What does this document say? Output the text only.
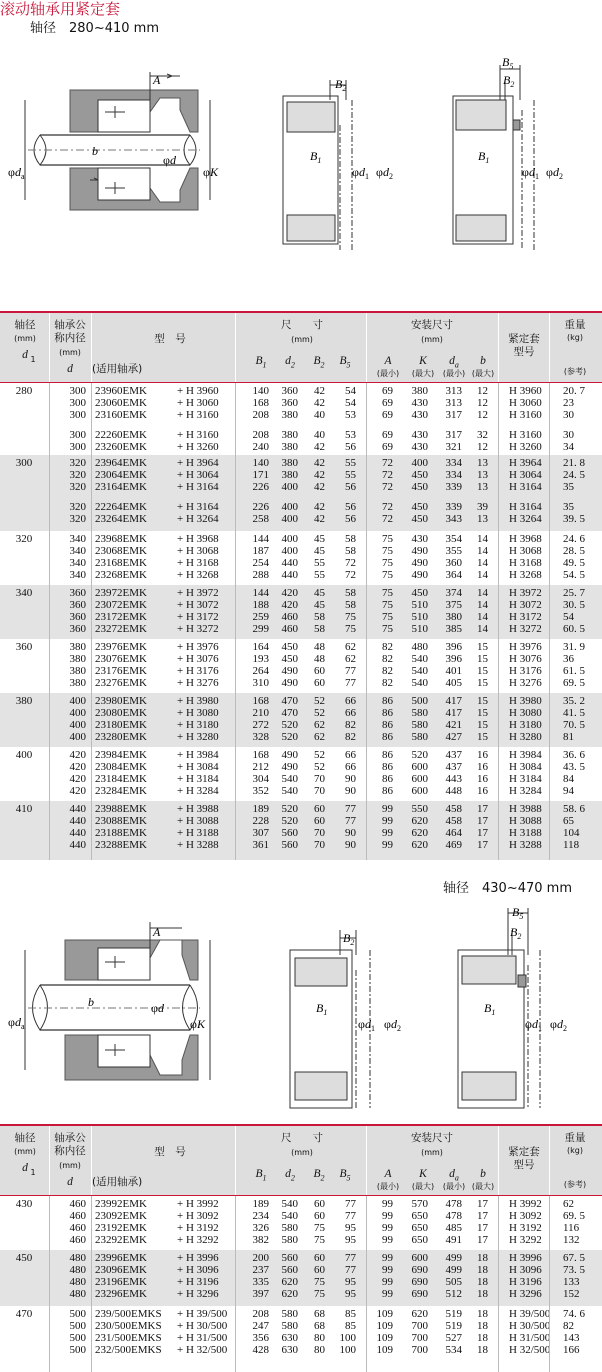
滚动轴承用紧定套
轴径　280~410 mm
轴径　430~470 mm
A
φd
φK
b
$\varphi d_a$
$B_2$
$B_1$
$\varphi d_1$ $\varphi d_2$
$B_5$
$B_2$
$B_1$
$\varphi d_1$ $\varphi d_2$
A
φd
φK
b
$\varphi d_a$
$B_2$
$B_1$
$\varphi d_1$ $\varphi d_2$
$B_5$
$B_2$
$B_1$
$\varphi d_1$ $\varphi d_2$
轴径
(mm)
d
轴承公
称内径
(mm)
d
型　号
(适用轴承)
尺　　寸
(mm)
安装尺寸
(mm)	紧定套
型号
重量
(kg)
(参考)
$B_1$	$d_2$	$B_2$	$B_5$	A
(最小)
K
(最大)
$d_a$
(最小)
b
(最大)
1
280	300 23960EMK	+ H 3960	140	360	42	54	69	380	313	12 H 3960	20. 7
300 23060EMK	+ H 3060	168	360	42	54	69	430	313	12 H 3060	23
300 23160EMK	+ H 3160	208	380	40	53	69	430	317	12 H 3160	30
300 22260EMK	+ H 3160	208	380	40	53	69	430	317	32 H 3160	30
300 23260EMK	+ H 3260	240	380	42	56	69	430	321	12 H 3260	34
300	320 23964EMK	+ H 3964	140	380	42	55	72	400	334	13 H 3964	21. 8
320 23064EMK	+ H 3064	171	380	42	55	72	450	334	13 H 3064	24. 5
320 23164EMK	+ H 3164	226	400	42	56	72	450	339	13 H 3164	35
320 22264EMK	+ H 3164	226	400	42	56	72	450	339	39 H 3164	35
320 23264EMK	+ H 3264	258	400	42	56	72	450	343	13 H 3264	39. 5
320	340 23968EMK	+ H 3968	144	400	45	58	75	430	354	14 H 3968	24. 6
340 23068EMK	+ H 3068	187	400	45	58	75	490	355	14 H 3068	28. 5
340 23168EMK	+ H 3168	254	440	55	72	75	490	360	14 H 3168	49. 5
340 23268EMK	+ H 3268	288	440	55	72	75	490	364	14 H 3268	54. 5
340	360 23972EMK	+ H 3972	144	420	45	58	75	450	374	14 H 3972	25. 7
360 23072EMK	+ H 3072	188	420	45	58	75	510	375	14 H 3072	30. 5
360 23172EMK	+ H 3172	259	460	58	75	75	510	380	14 H 3172	54
360 23272EMK	+ H 3272	299	460	58	75	75	510	385	14 H 3272	60. 5
360	380 23976EMK	+ H 3976	164	450	48	62	82	480	396	15 H 3976	31. 9
380 23076EMK	+ H 3076	193	450	48	62	82	540	396	15 H 3076	36
380 23176EMK	+ H 3176	264	490	60	77	82	540	401	15 H 3176	61. 5
380 23276EMK	+ H 3276	310	490	60	77	82	540	405	15 H 3276	69. 5
380	400 23980EMK	+ H 3980	168	470	52	66	86	500	417	15 H 3980	35. 2
400 23080EMK	+ H 3080	210	470	52	66	86	580	417	15 H 3080	41. 5
400 23180EMK	+ H 3180	272	520	62	82	86	580	421	15 H 3180	70. 5
400 23280EMK	+ H 3280	328	520	62	82	86	580	427	15 H 3280	81
400	420 23984EMK	+ H 3984	168	490	52	66	86	520	437	16 H 3984	36. 6
420 23084EMK	+ H 3084	212	490	52	66	86	600	437	16 H 3084	43. 5
420 23184EMK	+ H 3184	304	540	70	90	86	600	443	16 H 3184	84
420 23284EMK	+ H 3284	352	540	70	90	86	600	448	16 H 3284	94
410	440 23988EMK	+ H 3988	189	520	60	77	99	550	458	17 H 3988	58. 6
440 23088EMK	+ H 3088	228	520	60	77	99	620	458	17 H 3088	65
440 23188EMK	+ H 3188	307	560	70	90	99	620	464	17 H 3188	104
440 23288EMK	+ H 3288	361	560	70	90	99	620	469	17 H 3288	118
轴径
(mm)
d
轴承公
称内径
(mm)
d
型　号
(适用轴承)
尺　　寸
(mm)
安装尺寸
(mm)	紧定套
型号
重量
(kg)
(参考)
$B_1$	$d_2$	$B_2$	$B_5$	A
(最小)
K
(最大)
$d_a$
(最小)
b
(最大)
1
430	460 23992EMK	+ H 3992	189	540	60	77	99	570	478	17 H 3992	62
460 23092EMK	+ H 3092	234	540	60	77	99	650	478	17 H 3092	69. 5
460 23192EMK	+ H 3192	326	580	75	95	99	650	485	17 H 3192	116
460 23292EMK	+ H 3292	382	580	75	95	99	650	491	17 H 3292	132
450	480 23996EMK	+ H 3996	200	560	60	77	99	600	499	18 H 3996	67. 5
480 23096EMK	+ H 3096	237	560	60	77	99	690	499	18 H 3096	73. 5
480 23196EMK	+ H 3196	335	620	75	95	99	690	505	18 H 3196	133
480 23296EMK	+ H 3296	397	620	75	95	99	690	512	18 H 3296	152
470	500 239/500EMKS	+ H 39/500	208	580	68	85 109	620	519	18 H 39/500 74. 6
500 230/500EMKS	+ H 30/500	247	580	68	85 109	700	519	18 H 30/500 82
500 231/500EMKS	+ H 31/500	356	630	80	100 109	700	527	18 H 31/500 143
500 232/500EMKS	+ H 32/500	428	630	80	100 109	700	534	18 H 32/500 166
